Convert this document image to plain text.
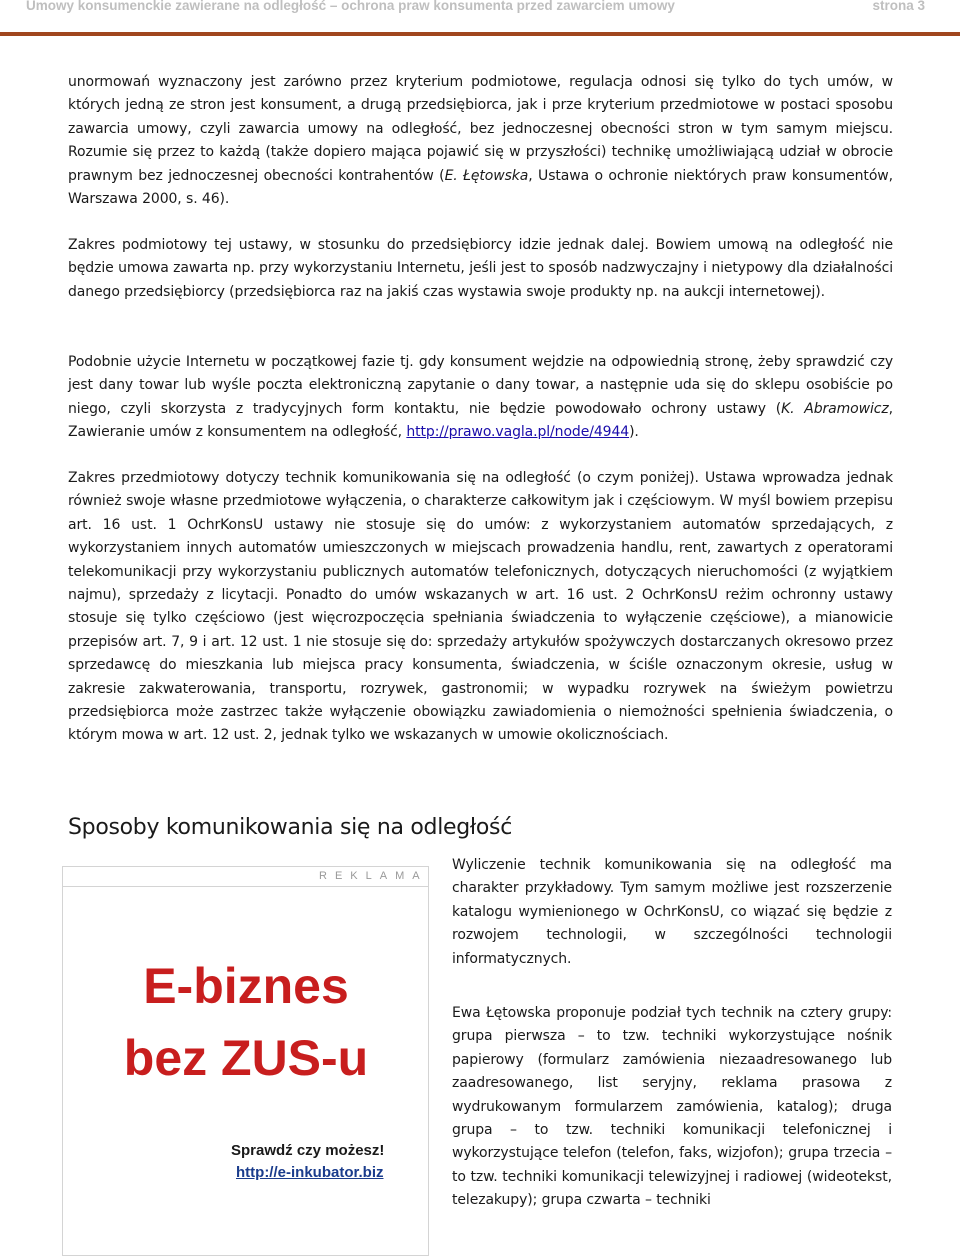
Umowy konsumenckie zawierane na odległość – ochrona praw konsumenta przed zawarciem umowy	strona 3

unormowań wyznaczony jest zarówno przez kryterium podmiotowe, regulacja odnosi się tylko do tych umów, w których jedną ze stron jest konsument, a drugą przedsiębiorca, jak i prze kryterium przedmiotowe w postaci sposobu zawarcia umowy, czyli zawarcia umowy na odległość, bez jednoczesnej obecności stron w tym samym miejscu. Rozumie się przez to każdą (także dopiero mająca pojawić się w przyszłości) technikę umożliwiającą udział w obrocie prawnym bez jednoczesnej obecności kontrahentów (E. Łętowska, Ustawa o ochronie niektórych praw konsumentów, Warszawa 2000, s. 46).

Zakres podmiotowy tej ustawy, w stosunku do przedsiębiorcy idzie jednak dalej. Bowiem umową na odległość nie będzie umowa zawarta np. przy wykorzystaniu Internetu, jeśli jest to sposób nadzwyczajny i nietypowy dla działalności danego przedsiębiorcy (przedsiębiorca raz na jakiś czas wystawia swoje produkty np. na aukcji internetowej).

Podobnie użycie Internetu w początkowej fazie tj. gdy konsument wejdzie na odpowiednią stronę, żeby sprawdzić czy jest dany towar lub wyśle poczta elektroniczną zapytanie o dany towar, a następnie uda się do sklepu osobiście po niego, czyli skorzysta z tradycyjnych form kontaktu, nie będzie powodowało ochrony ustawy (K. Abramowicz, Zawieranie umów z konsumentem na odległość, http://prawo.vagla.pl/node/4944).

Zakres przedmiotowy dotyczy technik komunikowania się na odległość (o czym poniżej). Ustawa wprowadza jednak również swoje własne przedmiotowe wyłączenia, o charakterze całkowitym jak i częściowym. W myśl bowiem przepisu art. 16 ust. 1 OchrKonsU ustawy nie stosuje się do umów: z wykorzystaniem automatów sprzedających, z wykorzystaniem innych automatów umieszczonych w miejscach prowadzenia handlu, rent, zawartych z operatorami telekomunikacji przy wykorzystaniu publicznych automatów telefonicznych, dotyczących nieruchomości (z wyjątkiem najmu), sprzedaży z licytacji. Ponadto do umów wskazanych w art. 16 ust. 2 OchrKonsU reżim ochronny ustawy stosuje się tylko częściowo (jest więcrozpoczęcia spełniania świadczenia to wyłączenie częściowe), a mianowicie przepisów art. 7, 9 i art. 12 ust. 1 nie stosuje się do: sprzedaży artykułów spożywczych dostarczanych okresowo przez sprzedawcę do mieszkania lub miejsca pracy konsumenta, świadczenia, w ściśle oznaczonym okresie, usług w zakresie zakwaterowania, transportu, rozrywek, gastronomii; w wypadku rozrywek na świeżym powietrzu przedsiębiorca może zastrzec także wyłączenie obowiązku zawiadomienia o niemożności spełnienia świadczenia, o którym mowa w art. 12 ust. 2, jednak tylko we wskazanych w umowie okolicznościach.

Sposoby komunikowania się na odległość
REKLAMA
E-biznes
bez ZUS-u
Sprawdź czy możesz!
http://e-inkubator.biz

Wyliczenie technik komunikowania się na odległość ma charakter przykładowy. Tym samym możliwe jest rozszerzenie katalogu wymienionego w OchrKonsU, co wiązać się będzie z rozwojem technologii, w szczególności technologii informatycznych.

Ewa Łętowska proponuje podział tych technik na cztery grupy: grupa pierwsza – to tzw. techniki wykorzystujące nośnik papierowy (formularz zamówienia niezaadresowanego lub zaadresowanego, list seryjny, reklama prasowa z wydrukowanym formularzem zamówienia, katalog); druga grupa – to tzw. techniki komunikacji telefonicznej i wykorzystujące telefon (telefon, faks, wizjofon); grupa trzecia – to tzw. techniki komunikacji telewizyjnej i radiowej (wideotekst, telezakupy); grupa czwarta – techniki
